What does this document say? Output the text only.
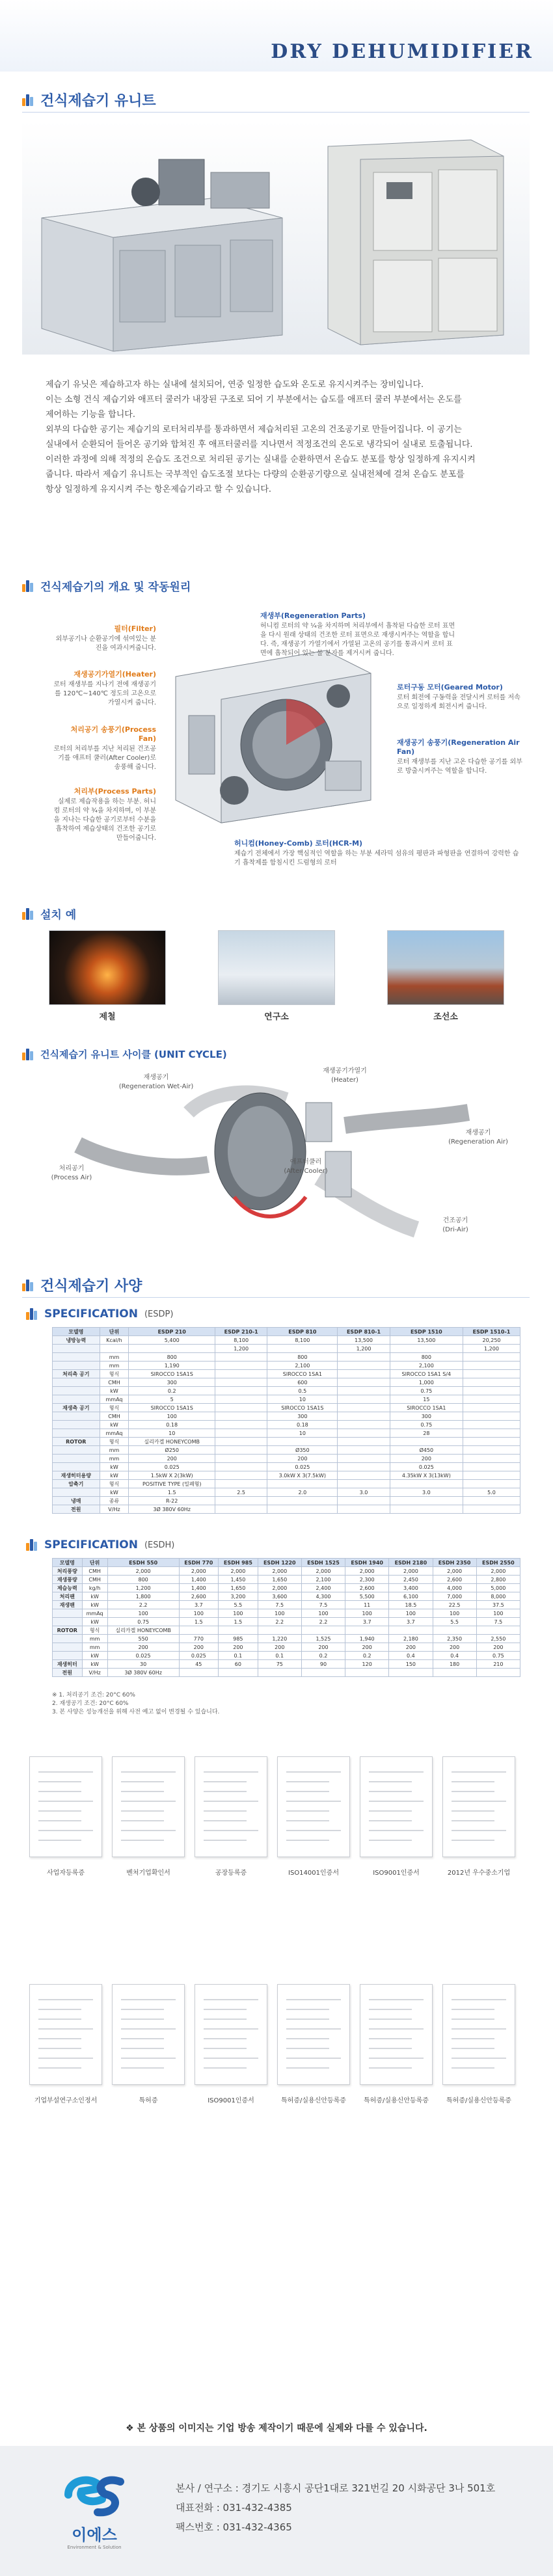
DRY DEHUMIDIFIER
건식제습기 유니트
제습기 유닛은 제습하고자 하는 실내에 설치되어, 연중 일정한 습도와 온도로 유지시켜주는 장비입니다.
이는 소형 건식 제습기와 애프터 쿨러가 내장된 구조로 되어 기 부분에서는 습도를 애프터 쿨러 부분에서는 온도를
제어하는 기능을 합니다.
외부의 다습한 공기는 제습기의 로터처리부를 통과하면서 제습처리된 고온의 건조공기로 만들어집니다. 이 공기는
실내에서 순환되어 들어온 공기와 합쳐진 후 애프터쿨러를 지나면서 적정조건의 온도로 냉각되어 실내로 토출됩니다.
이러한 과정에 의해 적정의 온습도 조건으로 처리된 공기는 실내를 순환하면서 온습도 분포를 항상 일정하게 유지시켜
줍니다. 따라서 제습기 유니트는 국부적인 습도조절 보다는 다량의 순환공기량으로 실내전체에 걸쳐 온습도 분포를
항상 일정하게 유지시켜 주는 항온제습기라고 할 수 있습니다.
건식제습기의 개요 및 작동원리
필터(Filter)
외부공기나 순환공기에 섞여있는 분진을 여과시켜줍니다.
재생공기가열기(Heater)
로터 재생부를 지나기 전에 재생공기를 120℃~140℃ 정도의 고온으로 가열시켜 줍니다.
처리공기 송풍기(Process Fan)
로터의 처리부를 지난 처리된 건조공기를 애프터 쿨러(After Cooler)로 송풍해 줍니다.
처리부(Process Parts)
실제로 제습작용을 하는 부분. 허니컴 로터의 약 ¾을 차지하며, 이 부분을 지나는 다습한 공기로부터 수분을 흡착하여 제습상태의 건조한 공기로 만들어줍니다.
재생부(Regeneration Parts)
허니컴 로터의 약 ¼을 차지하며 처리부에서 흡착된 다습한 로터 표면을 다시 원래 상태의 건조한 로터 표면으로 재생시켜주는 역할을 합니다. 즉, 재생공기 가열기에서 가열된 고온의 공기를 통과시켜 로터 표면에 흡착되어 있는 물 분자를 제거시켜 줍니다.
로터구동 모터(Geared Motor)
로터 회전에 구동력을 전달시켜 로터를 저속으로 일정하게 회전시켜 줍니다.
재생공기 송풍기(Regeneration Air Fan)
로터 재생부를 지난 고온 다습한 공기를 외부로 방출시켜주는 역할을 합니다.
허니컴(Honey-Comb) 로터(HCR-M)
제습기 전체에서 가장 핵심적인 역할을 하는 부분 세라믹 섬유의 평판과 파형판을 연결하여 강력한 습기 흡착제를 함침시킨 드럼형의 로터
설치 예
제철	연구소	조선소
건식제습기 유니트 사이클 (UNIT CYCLE)
재생공기
(Regeneration Wet-Air)
재생공기가열기
(Heater)
재생공기
(Regeneration Air)
처리공기
(Process Air)
애프터쿨러
(After Cooler)
건조공기
(Dri-Air)
건식제습기 사양
SPECIFICATION (ESDP)
모델명	단위	ESDP 210	ESDP 210-1	ESDP 810	ESDP 810-1	ESDP 1510	ESDP 1510-1
냉방능력	Kcal/h	5,400	8,100	8,100	13,500	13,500	20,250
			1,200		1,200		1,200
	mm	800		800		800	
	mm	1,190		2,100		2,100	
처리측 공기	형식	SIROCCO 1SA1S		SIROCCO 1SA1		SIROCCO 1SA1 S/4	
	CMH	300		600		1,000	
	kW	0.2		0.5		0.75	
	mmAq	5		10		15	
재생측 공기	형식	SIROCCO 1SA1S		SIROCCO 1SA1S		SIROCCO 1SA1	
	CMH	100		300		300	
	kW	0.18		0.18		0.75	
	mmAq	10		10		28	
ROTOR	형식	실리카겔 HONEYCOMB					
	mm	Ø250		Ø350		Ø450	
	mm	200		200		200	
	kW	0.025		0.025		0.025	
재생히터용량	kW	1.5kW X 2(3kW)		3.0kW X 3(7.5kW)		4.35kW X 3(13kW)	
압축기	형식	POSITIVE TYPE (밀폐형)					
	kW	1.5	2.5	2.0	3.0	3.0	5.0
냉매	종류	R-22					
전원	V/Hz	3Ø 380V 60Hz					
SPECIFICATION (ESDH)
모델명	단위	ESDH 550	ESDH 770	ESDH 985	ESDH 1220	ESDH 1525	ESDH 1940	ESDH 2180	ESDH 2350	ESDH 2550
처리풍량	CMH	2,000	2,000	2,000	2,000	2,000	2,000	2,000	2,000	2,000
재생풍량	CMH	800	1,400	1,450	1,650	2,100	2,300	2,450	2,600	2,800
제습능력	kg/h	1,200	1,400	1,650	2,000	2,400	2,600	3,400	4,000	5,000
처리팬	kW	1,800	2,600	3,200	3,600	4,300	5,500	6,100	7,000	8,000
재생팬	kW	2.2	3.7	5.5	7.5	7.5	11	18.5	22.5	37.5
	mmAq	100	100	100	100	100	100	100	100	100
	kW	0.75	1.5	1.5	2.2	2.2	3.7	3.7	5.5	7.5
ROTOR	형식	실리카겔 HONEYCOMB								
	mm	550	770	985	1,220	1,525	1,940	2,180	2,350	2,550
	mm	200	200	200	200	200	200	200	200	200
	kW	0.025	0.025	0.1	0.1	0.2	0.2	0.4	0.4	0.75
재생히터	kW	30	45	60	75	90	120	150	180	210
전원	V/Hz	3Ø 380V 60Hz								
※ 1. 처리공기 조건: 20°C 60%
2. 재생공기 조건: 20°C 60%
3. 본 사양은 성능개선을 위해 사전 예고 없이 변경될 수 있습니다.
사업자등록증	벤처기업확인서	공장등록증	ISO14001인증서	ISO9001인증서	2012년 우수중소기업
기업부설연구소인정서	특허증	ISO9001인증서	특허증/실용신안등록증	특허증/실용신안등록증	특허증/실용신안등록증
❖ 본 상품의 이미지는 기업 방송 제작이기 때문에 실제와 다를 수 있습니다.
이에스
Environment & Solution
본사 / 연구소 : 경기도 시흥시 공단1대로 321번길 20 시화공단 3나 501호
대표전화 : 031-432-4385
팩스번호 : 031-432-4365
